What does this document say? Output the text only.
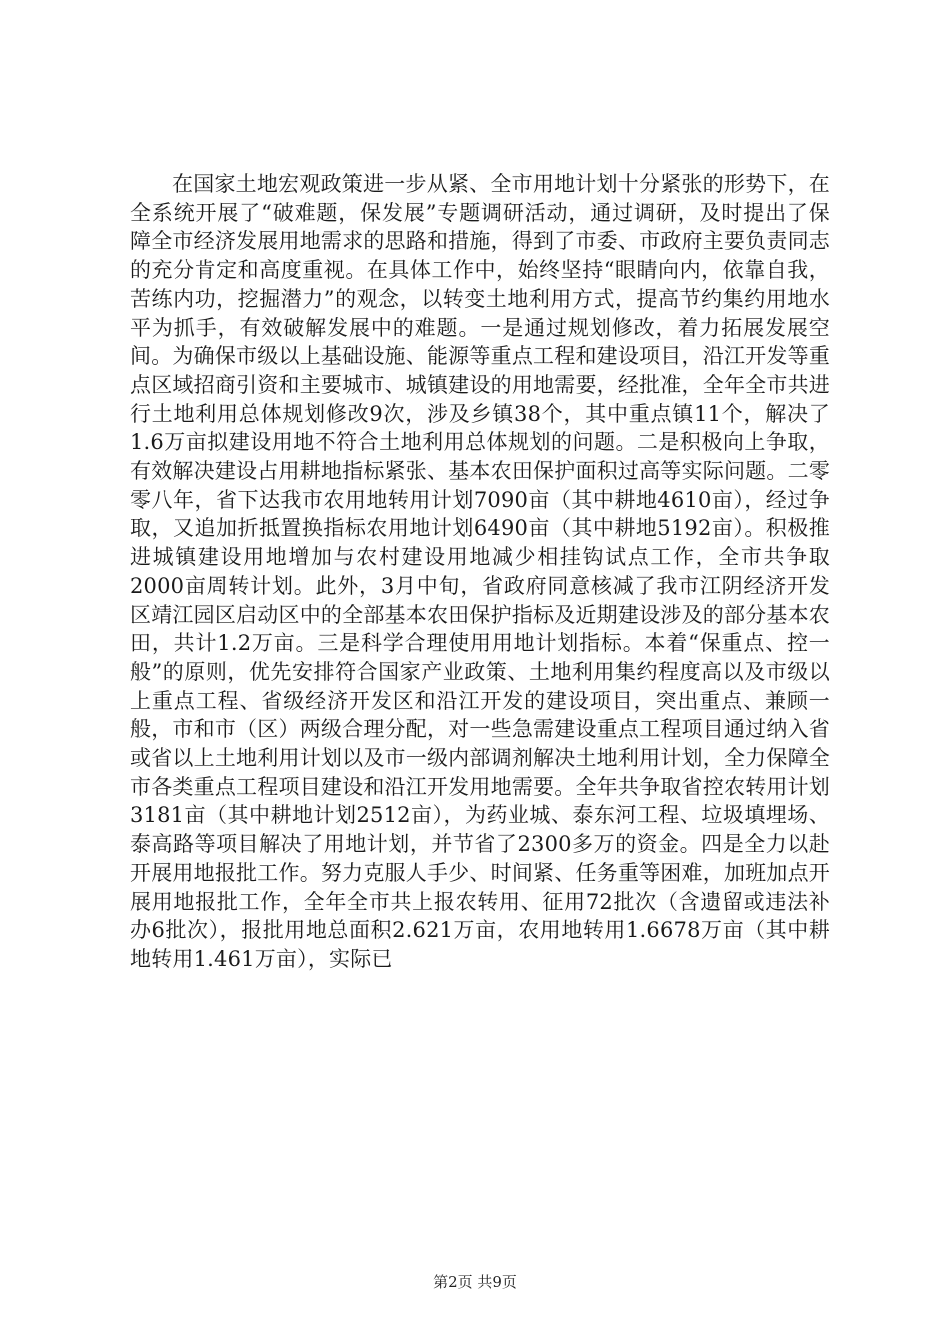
在国家土地宏观政策进一步从紧、全市用地计划十分紧张的形势下，在全系统开展了“破难题，保发展”专题调研活动，通过调研，及时提出了保障全市经济发展用地需求的思路和措施，得到了市委、市政府主要负责同志的充分肯定和高度重视。在具体工作中，始终坚持“眼睛向内，依靠自我，苦练内功，挖掘潜力”的观念，以转变土地利用方式，提高节约集约用地水平为抓手，有效破解发展中的难题。一是通过规划修改，着力拓展发展空间。为确保市级以上基础设施、能源等重点工程和建设项目，沿江开发等重点区域招商引资和主要城市、城镇建设的用地需要，经批准，全年全市共进行土地利用总体规划修改9次，涉及乡镇38个，其中重点镇11个，解决了1.6万亩拟建设用地不符合土地利用总体规划的问题。二是积极向上争取，有效解决建设占用耕地指标紧张、基本农田保护面积过高等实际问题。二零零八年，省下达我市农用地转用计划7090亩（其中耕地4610亩），经过争取，又追加折抵置换指标农用地计划6490亩（其中耕地5192亩）。积极推进城镇建设用地增加与农村建设用地减少相挂钩试点工作，全市共争取2000亩周转计划。此外，3月中旬，省政府同意核减了我市江阴经济开发区靖江园区启动区中的全部基本农田保护指标及近期建设涉及的部分基本农田，共计1.2万亩。三是科学合理使用用地计划指标。本着“保重点、控一般”的原则，优先安排符合国家产业政策、土地利用集约程度高以及市级以上重点工程、省级经济开发区和沿江开发的建设项目，突出重点、兼顾一般，市和市（区）两级合理分配，对一些急需建设重点工程项目通过纳入省或省以上土地利用计划以及市一级内部调剂解决土地利用计划，全力保障全市各类重点工程项目建设和沿江开发用地需要。全年共争取省控农转用计划3181亩（其中耕地计划2512亩），为药业城、泰东河工程、垃圾填埋场、泰高路等项目解决了用地计划，并节省了2300多万的资金。四是全力以赴开展用地报批工作。努力克服人手少、时间紧、任务重等困难，加班加点开展用地报批工作，全年全市共上报农转用、征用72批次（含遗留或违法补办6批次），报批用地总面积2.621万亩，农用地转用1.6678万亩（其中耕地转用1.461万亩），实际已

第2页 共9页
